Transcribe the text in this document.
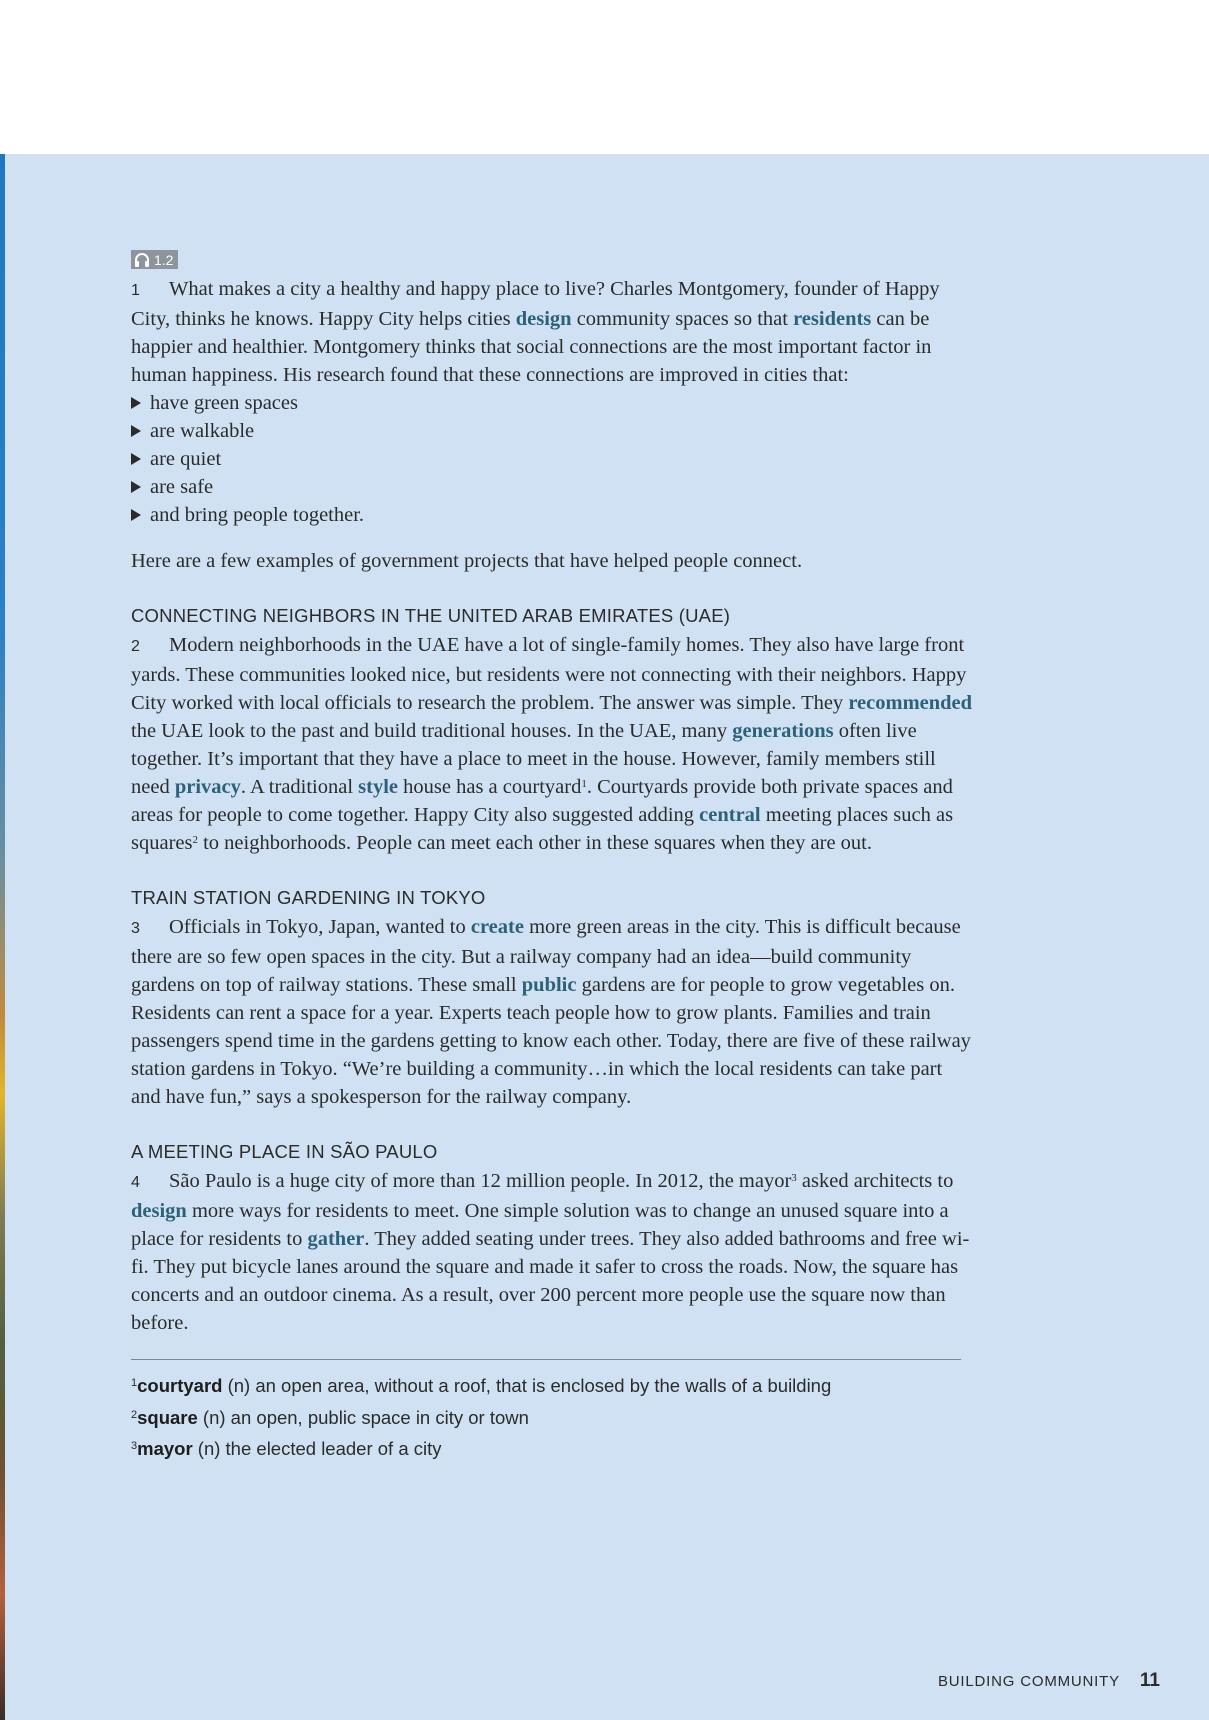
1.2

1 What makes a city a healthy and happy place to live? Charles Montgomery, founder of Happy City, thinks he knows. Happy City helps cities design community spaces so that residents can be happier and healthier. Montgomery thinks that social connections are the most important factor in human happiness. His research found that these connections are improved in cities that:

have green spaces
are walkable
are quiet
are safe
and bring people together.

Here are a few examples of government projects that have helped people connect.

CONNECTING NEIGHBORS IN THE UNITED ARAB EMIRATES (UAE)

2 Modern neighborhoods in the UAE have a lot of single-family homes. They also have large front yards. These communities looked nice, but residents were not connecting with their neighbors. Happy City worked with local officials to research the problem. The answer was simple. They recommended the UAE look to the past and build traditional houses. In the UAE, many generations often live together. It’s important that they have a place to meet in the house. However, family members still need privacy. A traditional style house has a courtyard$^1$. Courtyards provide both private spaces and areas for people to come together. Happy City also suggested adding central meeting places such as squares$^2$ to neighborhoods. People can meet each other in these squares when they are out.

TRAIN STATION GARDENING IN TOKYO

3 Officials in Tokyo, Japan, wanted to create more green areas in the city. This is difficult because there are so few open spaces in the city. But a railway company had an idea—build community gardens on top of railway stations. These small public gardens are for people to grow vegetables on. Residents can rent a space for a year. Experts teach people how to grow plants. Families and train passengers spend time in the gardens getting to know each other. Today, there are five of these railway station gardens in Tokyo. “We’re building a community…in which the local residents can take part and have fun,” says a spokesperson for the railway company.

A MEETING PLACE IN SÃO PAULO

4 São Paulo is a huge city of more than 12 million people. In 2012, the mayor$^3$ asked architects to design more ways for residents to meet. One simple solution was to change an unused square into a place for residents to gather. They added seating under trees. They also added bathrooms and free wi-fi. They put bicycle lanes around the square and made it safer to cross the roads. Now, the square has concerts and an outdoor cinema. As a result, over 200 percent more people use the square now than before.

$^1$courtyard (n) an open area, without a roof, that is enclosed by the walls of a building
$^2$square (n) an open, public space in city or town
$^3$mayor (n) the elected leader of a city
BUILDING COMMUNITY 11
